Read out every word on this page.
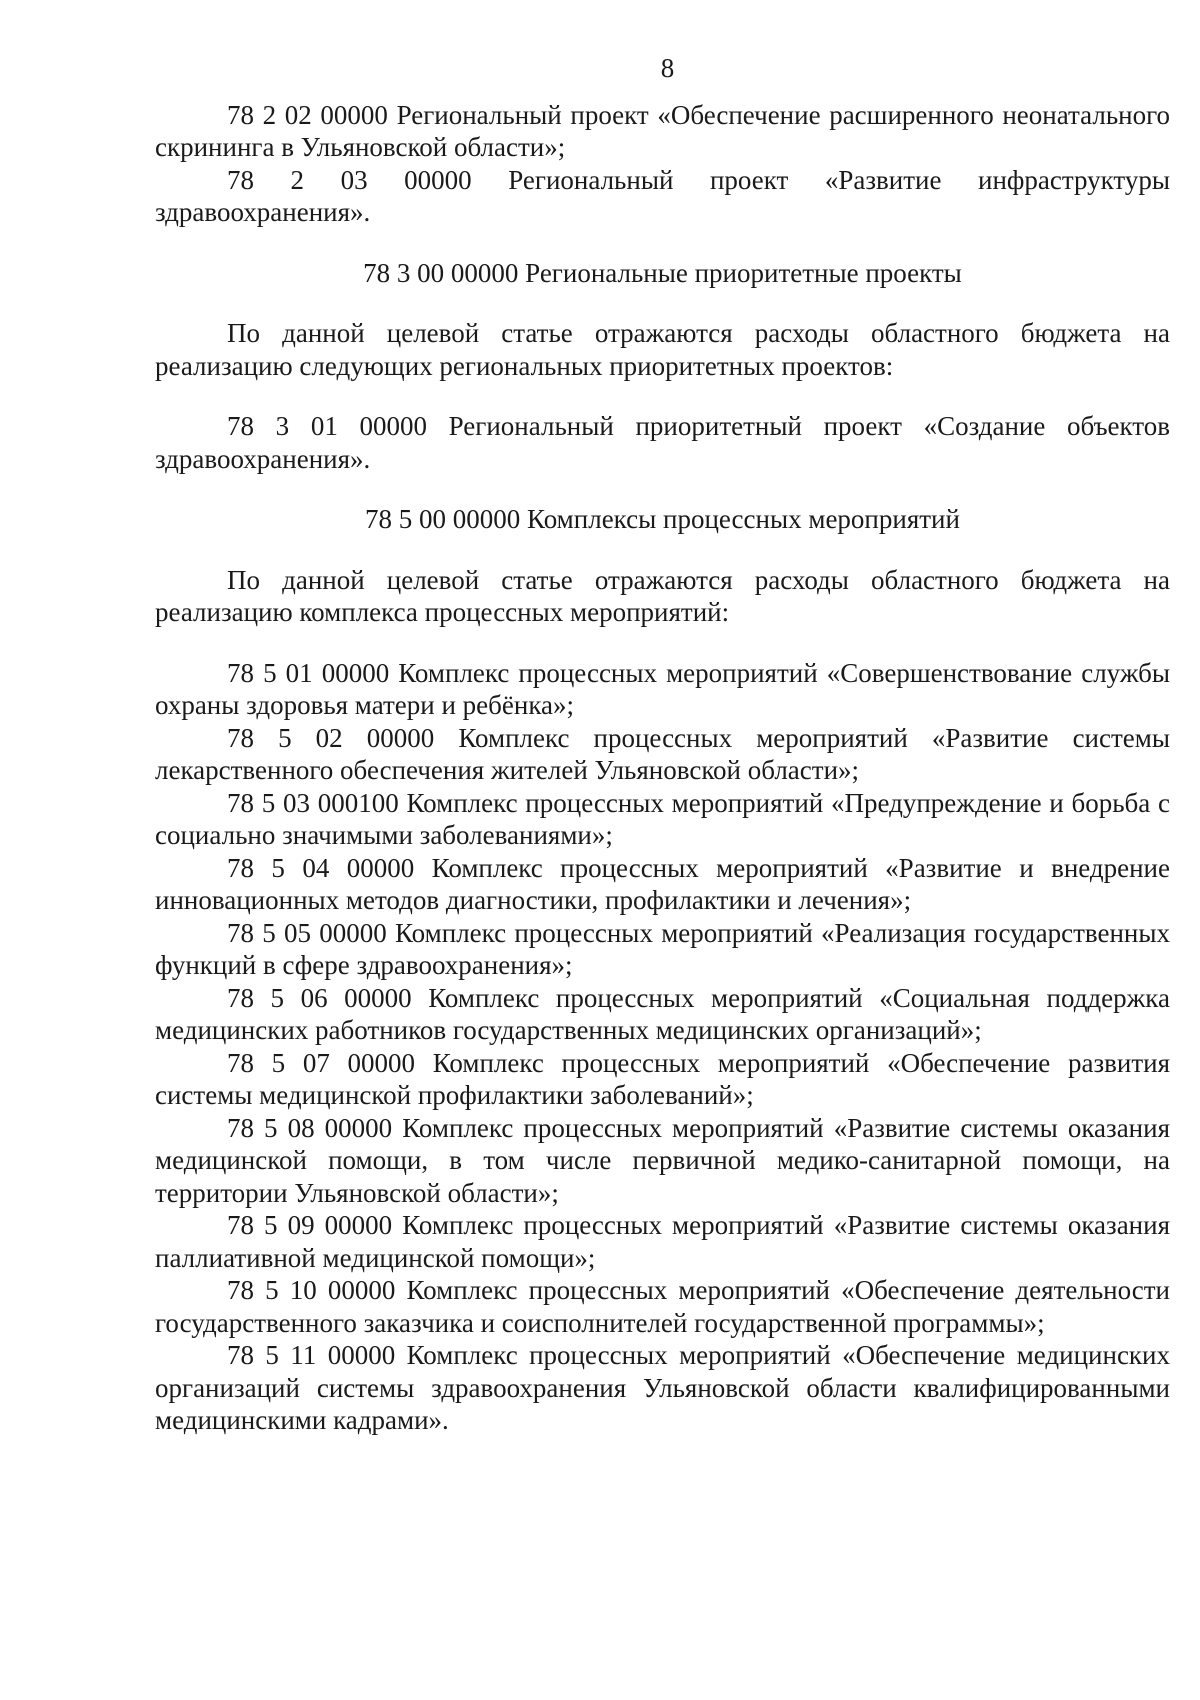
8

78 2 02 00000 Региональный проект «Обеспечение расширенного неонатального скрининга в Ульяновской области»;

78 2 03 00000 Региональный проект «Развитие инфраструктуры здравоохранения».

78 3 00 00000 Региональные приоритетные проекты

По данной целевой статье отражаются расходы областного бюджета на реализацию следующих региональных приоритетных проектов:

78 3 01 00000 Региональный приоритетный проект «Создание объектов здравоохранения».

78 5 00 00000 Комплексы процессных мероприятий

По данной целевой статье отражаются расходы областного бюджета на реализацию комплекса процессных мероприятий:

78 5 01 00000 Комплекс процессных мероприятий «Совершенствование службы охраны здоровья матери и ребёнка»;

78 5 02 00000 Комплекс процессных мероприятий «Развитие системы лекарственного обеспечения жителей Ульяновской области»;

78 5 03 000100 Комплекс процессных мероприятий «Предупреждение и борьба с социально значимыми заболеваниями»;

78 5 04 00000 Комплекс процессных мероприятий «Развитие и внедрение инновационных методов диагностики, профилактики и лечения»;

78 5 05 00000 Комплекс процессных мероприятий «Реализация государственных функций в сфере здравоохранения»;

78 5 06 00000 Комплекс процессных мероприятий «Социальная поддержка медицинских работников государственных медицинских организаций»;

78 5 07 00000 Комплекс процессных мероприятий «Обеспечение развития системы медицинской профилактики заболеваний»;

78 5 08 00000 Комплекс процессных мероприятий «Развитие системы оказания медицинской помощи, в том числе первичной медико-санитарной помощи, на территории Ульяновской области»;

78 5 09 00000 Комплекс процессных мероприятий «Развитие системы оказания паллиативной медицинской помощи»;

78 5 10 00000 Комплекс процессных мероприятий «Обеспечение деятельности государственного заказчика и соисполнителей государственной программы»;

78 5 11 00000 Комплекс процессных мероприятий «Обеспечение медицинских организаций системы здравоохранения Ульяновской области квалифицированными медицинскими кадрами».
